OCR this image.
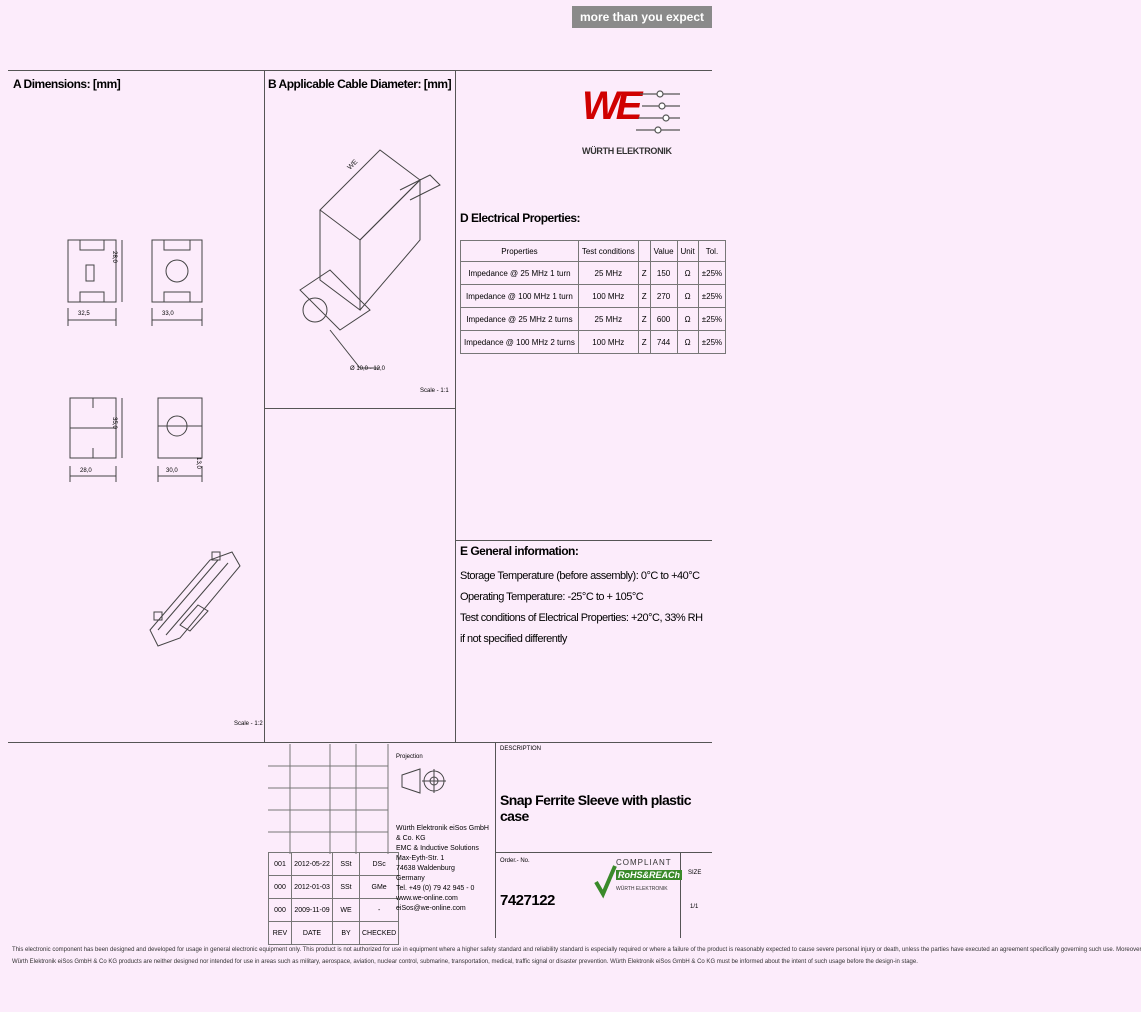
more than you expect
A Dimensions: [mm]	B Applicable Cable Diameter: [mm]
D Electrical Properties:
E General information:
WE
WÜRTH ELEKTRONIK
28,0
32,5	33,0
35,0
28,0	30,0
13,0
Scale - 1:2
WE
Ø 10,0 - 12,0
Scale - 1:1
Properties	Test conditions		Value	Unit	Tol.
Impedance @ 25 MHz 1 turn	25 MHz	Z	150	Ω	±25%
Impedance @ 100 MHz 1 turn	100 MHz	Z	270	Ω	±25%
Impedance @ 25 MHz 2 turns	25 MHz	Z	600	Ω	±25%
Impedance @ 100 MHz 2 turns	100 MHz	Z	744	Ω	±25%
Storage Temperature (before assembly): 0°C to +40°C
Operating Temperature: -25°C to + 105°C
Test conditions of Electrical Properties: +20°C, 33% RH
if not specified differently
Projection
001	2012-05-22	SSt	DSc
000	2012-01-03	SSt	GMe
000	2009-11-09	WE	-
REV	DATE	BY	CHECKED
Würth Elektronik eiSos GmbH & Co. KG
EMC & Inductive Solutions
Max-Eyth-Str. 1
74638 Waldenburg
Germany
Tel. +49 (0) 79 42 945 - 0
www.we-online.com
eiSos@we-online.com
DESCRIPTION
Snap Ferrite Sleeve with plastic case
Order.- No.
7427122
SIZE
1/1
COMPLIANT
RoHS&REACh
WÜRTH ELEKTRONIK
This electronic component has been designed and developed for usage in general electronic equipment only. This product is not authorized for use in equipment where a higher safety standard and reliability standard is especially required or where a failure of the product is reasonably expected to cause severe personal injury or death, unless the parties have executed an agreement specifically governing such use. Moreover
Würth Elektronik eiSos GmbH & Co KG products are neither designed nor intended for use in areas such as military, aerospace, aviation, nuclear control, submarine, transportation, medical, traffic signal or disaster prevention. Würth Elektronik eiSos GmbH & Co KG must be informed about the intent of such usage before the design-in stage.
